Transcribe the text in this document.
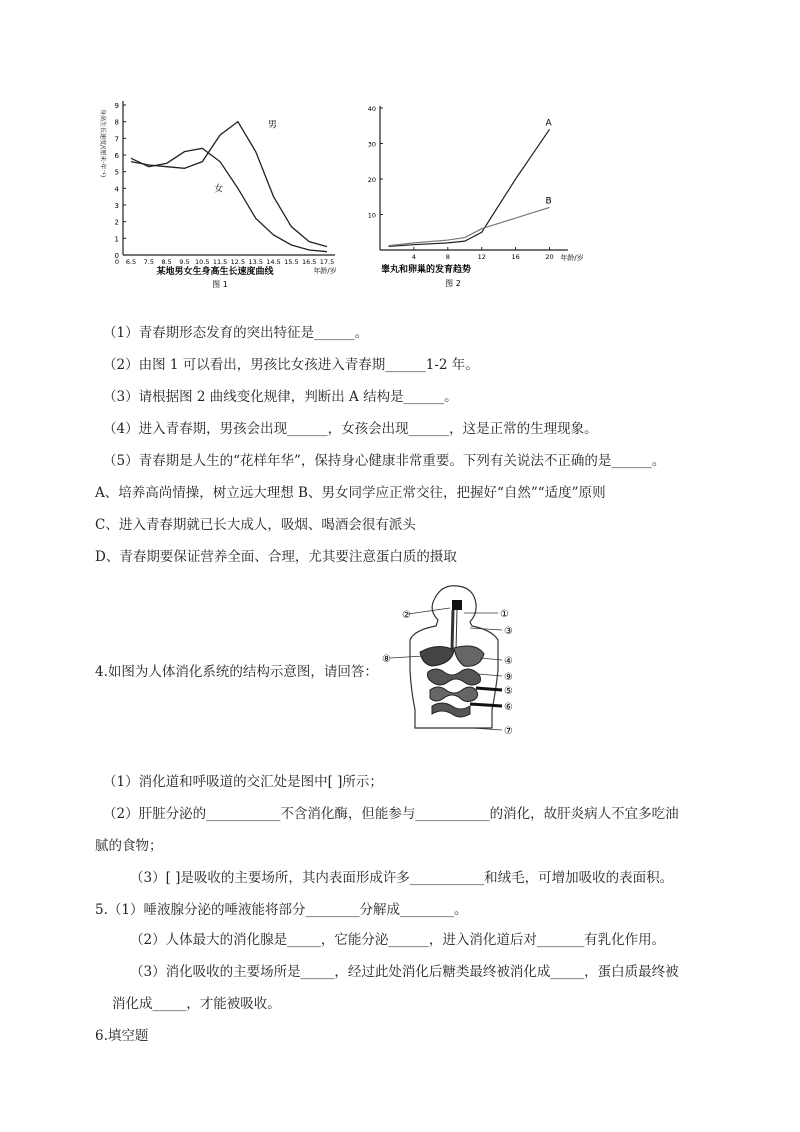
0
1
2
3
4
5
6
7
8
9
6.5 7.5 8.5 9.5 10.5 11.5 12.5 13.5 14.5 15.5 16.5 17.5
0
身高生长速度/(厘米·年⁻¹)
年龄/岁
某地男女生身高生长速度曲线
图 1
男
女
10
20
30
40
4	8	12	16	20 年龄/岁
睾丸和卵巢的发育趋势
图 2
A
B
（1）青春期形态发育的突出特征是______。
（2）由图 1 可以看出，男孩比女孩进入青春期______1-2 年。
（3）请根据图 2 曲线变化规律，判断出 A 结构是______。
（4）进入青春期，男孩会出现______，女孩会出现______，这是正常的生理现象。
（5）青春期是人生的“花样年华”，保持身心健康非常重要。下列有关说法不正确的是______。
A、培养高尚情操，树立远大理想 B、男女同学应正常交往，把握好“自然”“适度”原则
C、进入青春期就已长大成人，吸烟、喝酒会很有派头
D、青春期要保证营养全面、合理，尤其要注意蛋白质的摄取
4.如图为人体消化系统的结构示意图，请回答：
②	①
③
⑧	④
⑨
⑤
⑥
⑦
（1）消化道和呼吸道的交汇处是图中[ ]所示；
（2）肝脏分泌的___________不含消化酶，但能参与___________的消化，故肝炎病人不宜多吃油
腻的食物；
（3）[ ]是吸收的主要场所，其内表面形成许多___________和绒毛，可增加吸收的表面积。
5.（1）唾液腺分泌的唾液能将部分________分解成________。
（2）人体最大的消化腺是_____，它能分泌______，进入消化道后对_______有乳化作用。
（3）消化吸收的主要场所是_____，经过此处消化后糖类最终被消化成_____，蛋白质最终被
消化成_____，才能被吸收。
6.填空题
